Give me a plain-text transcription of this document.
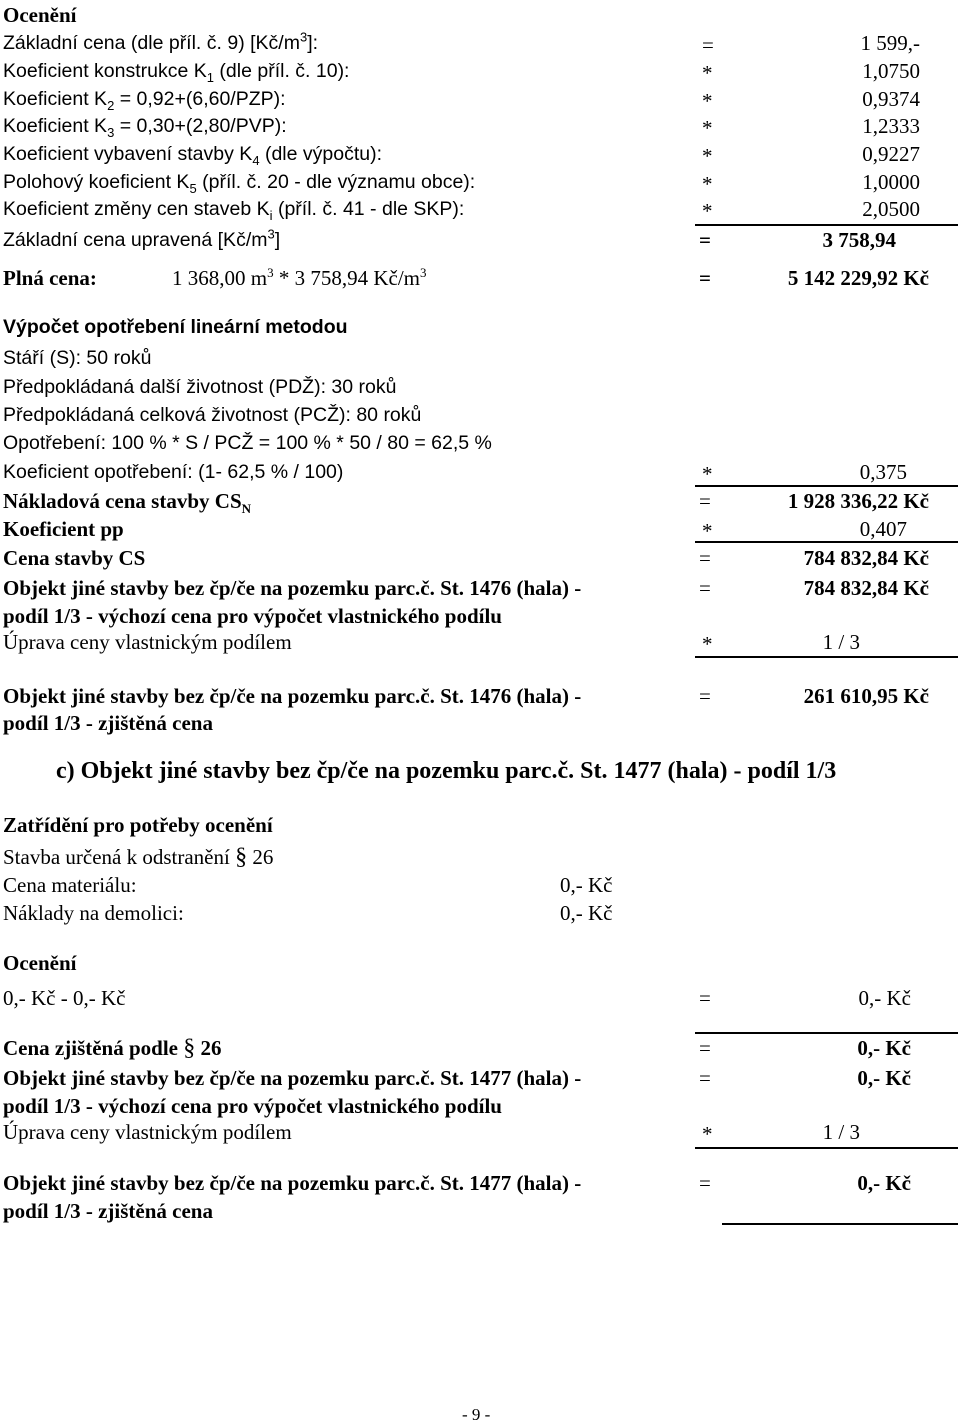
Ocenění
Základní cena (dle příl. č. 9) $[Kč/m^3]$:	=	1 599,-
Koeficient konstrukce $K_1$ (dle příl. č. 10):	*	1,0750
Koeficient $K_2 = 0,92+(6,60/PZP)$:	*	0,9374
Koeficient $K_3 = 0,30+(2,80/PVP)$:	*	1,2333
Koeficient vybavení stavby $K_4$ (dle výpočtu):	*	0,9227
Polohový koeficient $K_5$ (příl. č. 20 - dle významu obce):	*	1,0000
Koeficient změny cen staveb $K_i$ (příl. č. 41 - dle SKP):	*	2,0500
Základní cena upravená $[Kč/m^3]$	=	3 758,94
Plná cena:	1 368,00 $m^3 * 3$ 758,94 $Kč/m^3$	=	5 142 229,92 Kč
Výpočet opotřebení lineární metodou
Stáří (S): 50 roků
Předpokládaná další životnost (PDŽ): 30 roků
Předpokládaná celková životnost (PCŽ): 80 roků
Opotřebení: 100 % * S / PCŽ = 100 % * 50 / 80 = 62,5 %
Koeficient opotřebení: (1- 62,5 % / 100)	*	0,375
Nákladová cena stavby $CS_N$	=	1 928 336,22 Kč
Koeficient pp	*	0,407
Cena stavby CS	=	784 832,84 Kč
Objekt jiné stavby bez čp/če na pozemku parc.č. St. 1476 (hala) -
podíl 1/3 - výchozí cena pro výpočet vlastnického podílu
=	784 832,84 Kč
Úprava ceny vlastnickým podílem	*	1 / 3
Objekt jiné stavby bez čp/če na pozemku parc.č. St. 1476 (hala) -
podíl 1/3 - zjištěná cena
=	261 610,95 Kč
c) Objekt jiné stavby bez čp/če na pozemku parc.č. St. 1477 (hala) - podíl 1/3
Zatřídění pro potřeby ocenění
Stavba určená k odstranění § 26
Cena materiálu:	0,- Kč
Náklady na demolici:	0,- Kč
Ocenění
0,- Kč - 0,- Kč	=	0,- Kč
Cena zjištěná podle § 26	=	0,- Kč
Objekt jiné stavby bez čp/če na pozemku parc.č. St. 1477 (hala) -
podíl 1/3 - výchozí cena pro výpočet vlastnického podílu
=	0,- Kč
Úprava ceny vlastnickým podílem	*	1 / 3
Objekt jiné stavby bez čp/če na pozemku parc.č. St. 1477 (hala) -
podíl 1/3 - zjištěná cena
=	0,- Kč
- 9 -
